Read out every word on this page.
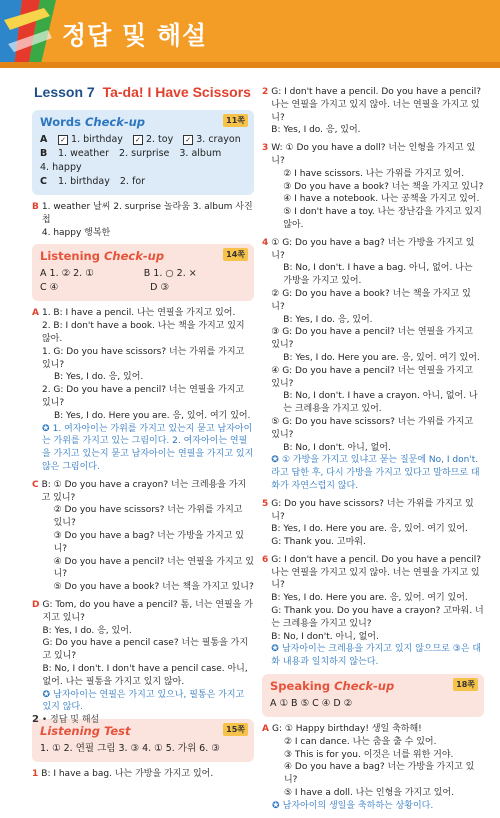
정답 및 해설
Lesson 7 Ta-da! I Have Scissors
Words Check-up	11쪽
A ✓ 1. birthday ✓ 2. toy ✓ 3. crayon
B 1. weather 2. surprise 3. album
4. happy
C 1. birthday 2. for
B 1. weather 날씨 2. surprise 놀라움 3. album 사진첩
4. happy 행복한
Listening Check-up	14쪽
A 1. ② 2. ①	B 1. ○ 2. ×
C ④	D ③
A 1. B: I have a pencil. 나는 연필을 가지고 있어.
2. B: I don't have a book. 나는 책을 가지고 있지 않아.
1. G: Do you have scissors? 너는 가위를 가지고 있니?
B: Yes, I do. 응, 있어.
2. G: Do you have a pencil? 너는 연필을 가지고 있니?
B: Yes, I do. Here you are. 응, 있어. 여기 있어.
✪ 1. 여자아이는 가위를 가지고 있는지 묻고 남자아이는 가위를 가지고 있는 그림이다. 2. 여자아이는 연필을 가지고 있는지 묻고 남자아이는 연필을 가지고 있지 않은 그림이다.
C B: ① Do you have a crayon? 너는 크레용을 가지고 있니?
② Do you have scissors? 너는 가위를 가지고 있니?
③ Do you have a bag? 너는 가방을 가지고 있니?
④ Do you have a pencil? 너는 연필을 가지고 있니?
⑤ Do you have a book? 너는 책을 가지고 있니?
D G: Tom, do you have a pencil? 톰, 너는 연필을 가지고 있니?
B: Yes, I do. 응, 있어.
G: Do you have a pencil case? 너는 필통을 가지고 있니?
B: No, I don't. I don't have a pencil case. 아니, 없어. 나는 필통을 가지고 있지 않아.
✪ 남자아이는 연필은 가지고 있으나, 필통은 가지고 있지 않다.
Listening Test	15쪽
1. ① 2. 연필 그림 3. ③ 4. ① 5. 가위 6. ③
1 B: I have a bag. 나는 가방을 가지고 있어.
2 G: I don't have a pencil. Do you have a pencil? 나는 연필을 가지고 있지 않아. 너는 연필을 가지고 있니?
B: Yes, I do. 응, 있어.
3 W: ① Do you have a doll? 너는 인형을 가지고 있니?
② I have scissors. 나는 가위를 가지고 있어.
③ Do you have a book? 너는 책을 가지고 있니?
④ I have a notebook. 나는 공책을 가지고 있어.
⑤ I don't have a toy. 나는 장난감을 가지고 있지 않아.
4 ① G: Do you have a bag? 너는 가방을 가지고 있니?
B: No, I don't. I have a bag. 아니, 없어. 나는 가방을 가지고 있어.
② G: Do you have a book? 너는 책을 가지고 있니?
B: Yes, I do. 응, 있어.
③ G: Do you have a pencil? 너는 연필을 가지고 있니?
B: Yes, I do. Here you are. 응, 있어. 여기 있어.
④ G: Do you have a pencil? 너는 연필을 가지고 있니?
B: No, I don't. I have a crayon. 아니, 없어. 나는 크레용을 가지고 있어.
⑤ G: Do you have scissors? 너는 가위를 가지고 있니?
B: No, I don't. 아니, 없어.
✪ ① 가방을 가지고 있냐고 묻는 질문에 No, I don't.라고 답한 후, 다시 가방을 가지고 있다고 말하므로 대화가 자연스럽지 않다.
5 G: Do you have scissors? 너는 가위를 가지고 있니?
B: Yes, I do. Here you are. 응, 있어. 여기 있어.
G: Thank you. 고마워.
6 G: I don't have a pencil. Do you have a pencil? 나는 연필을 가지고 있지 않아. 너는 연필을 가지고 있니?
B: Yes, I do. Here you are. 응, 있어. 여기 있어.
G: Thank you. Do you have a crayon? 고마워. 너는 크레용을 가지고 있니?
B: No, I don't. 아니, 없어.
✪ 남자아이는 크레용을 가지고 있지 않으므로 ③은 대화 내용과 일치하지 않는다.
Speaking Check-up	18쪽
A ① B ⑤ C ④ D ②
A G: ① Happy birthday! 생일 축하해!
② I can dance. 나는 춤을 출 수 있어.
③ This is for you. 이것은 너를 위한 거야.
④ Do you have a bag? 너는 가방을 가지고 있니?
⑤ I have a doll. 나는 인형을 가지고 있어.
✪ 남자아이의 생일을 축하하는 상황이다.
2 • 정답 및 해설
